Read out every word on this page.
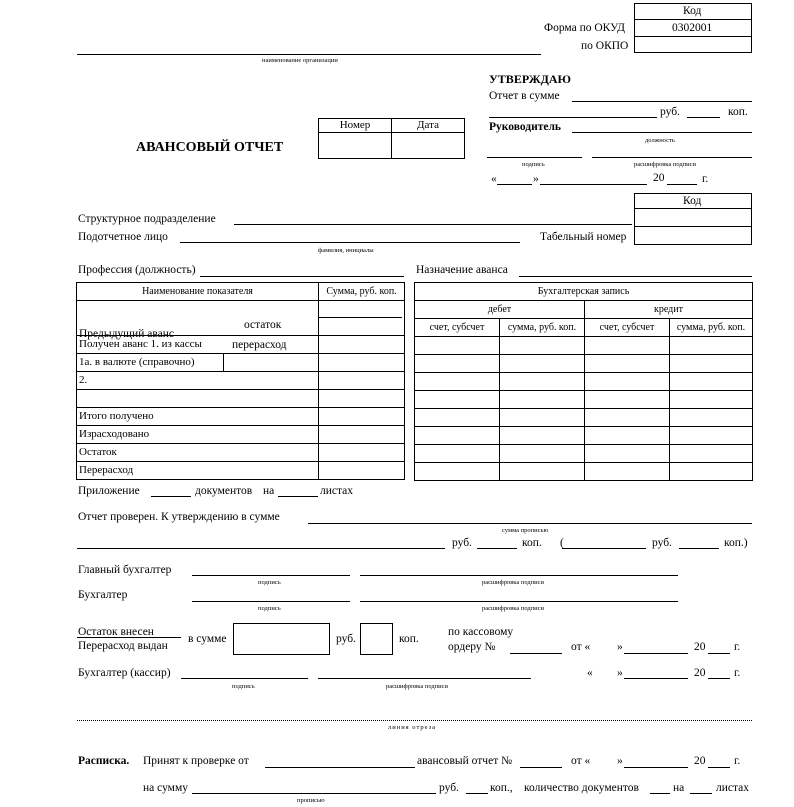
Код
0302001
Форма по ОКУД
по ОКПО
наименование организации
УТВЕРЖДАЮ
Отчет в сумме
руб.	коп.
Руководитель
должность
подпись	расшифровка подписи
«	»	20	г.
АВАНСОВЫЙ ОТЧЕТ
Номер	Дата

Код
Структурное подразделение
Подотчетное лицо
фамилия, инициалы
Табельный номер
Профессия (должность)	Назначение аванса
Наименование показателя	Сумма, руб. коп.

Предыдущий аванс
остаток
перерасход	

Получен аванс 1. из кассы	
1а. в валюте (справочно)

2.	

Итого получено	
Израсходовано	
Остаток	
Перерасход	
Бухгалтерская запись			
дебет		кредит	
счет, субсчет	сумма, руб. коп.	счет, субсчет	сумма, руб. коп.

Приложение	документов на	листах
Отчет проверен. К утверждению в сумме
сумма прописью
руб.	коп. (	руб.	коп.)
Главный бухгалтер
подпись	расшифровка подписи
Бухгалтер
подпись	расшифровка подписи
Остаток внесен
Перерасход выдан
в сумме	руб.	коп.
по кассовому
ордеру №	от « »	20 г.
Бухгалтер (кассир)
подпись	расшифровка подписи
« »	20 г.
линия отреза
Расписка. Принят к проверке от	авансовый отчет №	от « »	20 г.
на сумму
прописью
руб.	коп., количество документов	на	листах
